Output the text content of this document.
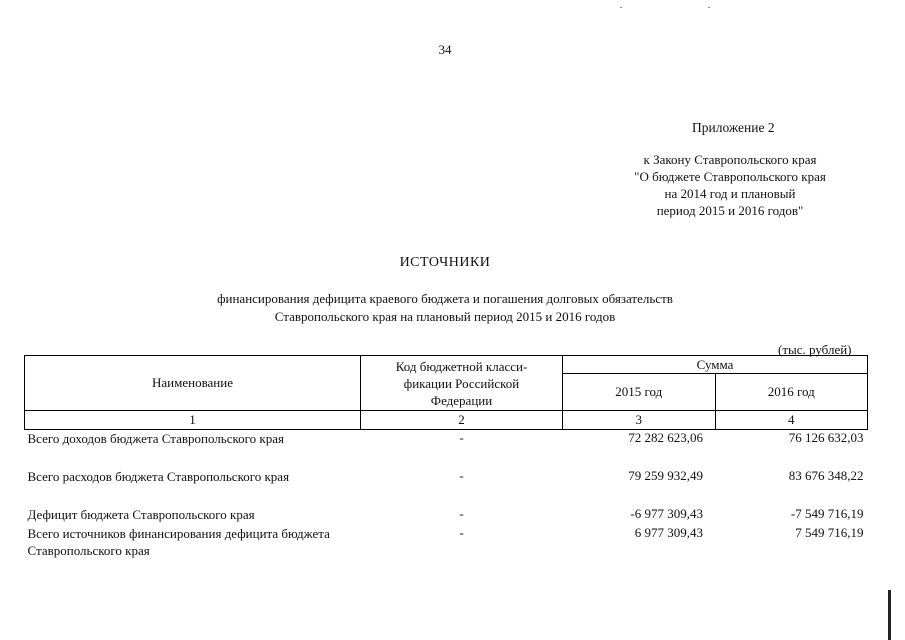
34
Приложение 2
к Закону Ставропольского края
"О бюджете Ставропольского края
на 2014 год и плановый
период 2015 и 2016 годов"
ИСТОЧНИКИ
финансирования дефицита краевого бюджета и погашения долговых обязательств
Ставропольского края на плановый период 2015 и 2016 годов
(тыс. рублей)
Наименование	Код бюджетной класси-
фикации Российской
Федерации	Сумма	
		2015 год	2016 год
1	2	3	4
Всего доходов бюджета Ставропольского края	-	72 282 623,06	76 126 632,03
Всего расходов бюджета Ставропольского края	-	79 259 932,49	83 676 348,22
Дефицит бюджета Ставропольского края	-	-6 977 309,43	-7 549 716,19
Всего источников финансирования дефицита бюджета Ставропольского края	-	6 977 309,43	7 549 716,19
